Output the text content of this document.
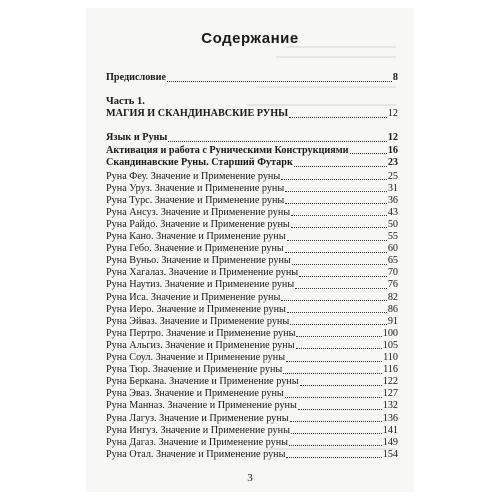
Содержание
Предисловие	8
Часть 1.
МАГИЯ И СКАНДИНАВСКИЕ РУНЫ	12
Язык и Руны	12
Активация и работа с Руническими Конструкциями	16
Скандинавские Руны. Старший Футарк	23
Руна Феу. Значение и Применение руны	25
Руна Уруз. Значение и Применение руны	31
Руна Турс. Значение и Применение руны	36
Руна Ансуз. Значение и Применение руны	43
Руна Райдо. Значение и Применение руны	50
Руна Кано. Значение и Применение руны	55
Руна Гебо. Значение и Применение руны	60
Руна Вуньо. Значение и Применение руны	65
Руна Хагалаз. Значение и Применение руны	70
Руна Наутиз. Значение и Применение руны	76
Руна Иса. Значение и Применение руны	82
Руна Иеро. Значение и Применение руны	86
Руна Эйваз. Значение и Применение руны	91
Руна Пертро. Значение и Применение руны	100
Руна Альгиз. Значение и Применение руны	105
Руна Соул. Значение и Применение руны	110
Руна Тюр. Значение и Применение руны	116
Руна Беркана. Значение и Применение руны	122
Руна Эваз. Значение и Применение руны	127
Руна Манназ. Значение и Применение руны	132
Руна Лагуз. Значение и Применение руны	136
Руна Ингуз. Значение и Применение руны	141
Руна Дагаз. Значение и Применение руны	149
Руна Отал. Значение и Применение руны	154
3
